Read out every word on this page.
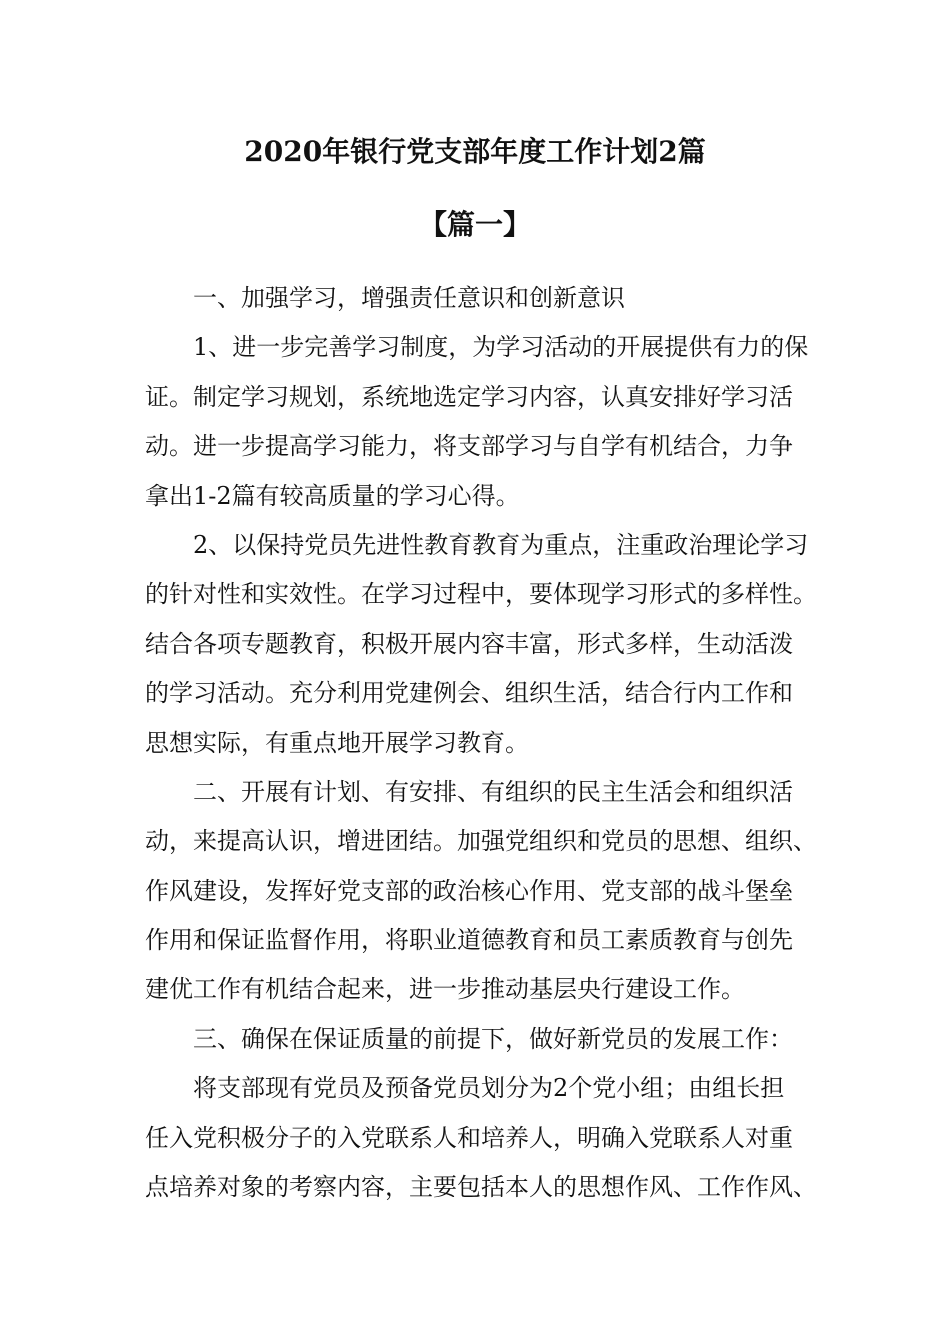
2020年银行党支部年度工作计划2篇
【篇一】
一、加强学习，增强责任意识和创新意识
1、进一步完善学习制度，为学习活动的开展提供有力的保
证。制定学习规划，系统地选定学习内容，认真安排好学习活
动。进一步提高学习能力，将支部学习与自学有机结合，力争
拿出1-2篇有较高质量的学习心得。
2、以保持党员先进性教育教育为重点，注重政治理论学习
的针对性和实效性。在学习过程中，要体现学习形式的多样性。
结合各项专题教育，积极开展内容丰富，形式多样，生动活泼
的学习活动。充分利用党建例会、组织生活，结合行内工作和
思想实际，有重点地开展学习教育。
二、开展有计划、有安排、有组织的民主生活会和组织活
动，来提高认识，增进团结。加强党组织和党员的思想、组织、
作风建设，发挥好党支部的政治核心作用、党支部的战斗堡垒
作用和保证监督作用，将职业道德教育和员工素质教育与创先
建优工作有机结合起来，进一步推动基层央行建设工作。
三、确保在保证质量的前提下，做好新党员的发展工作：
将支部现有党员及预备党员划分为2个党小组；由组长担
任入党积极分子的入党联系人和培养人，明确入党联系人对重
点培养对象的考察内容，主要包括本人的思想作风、工作作风、
